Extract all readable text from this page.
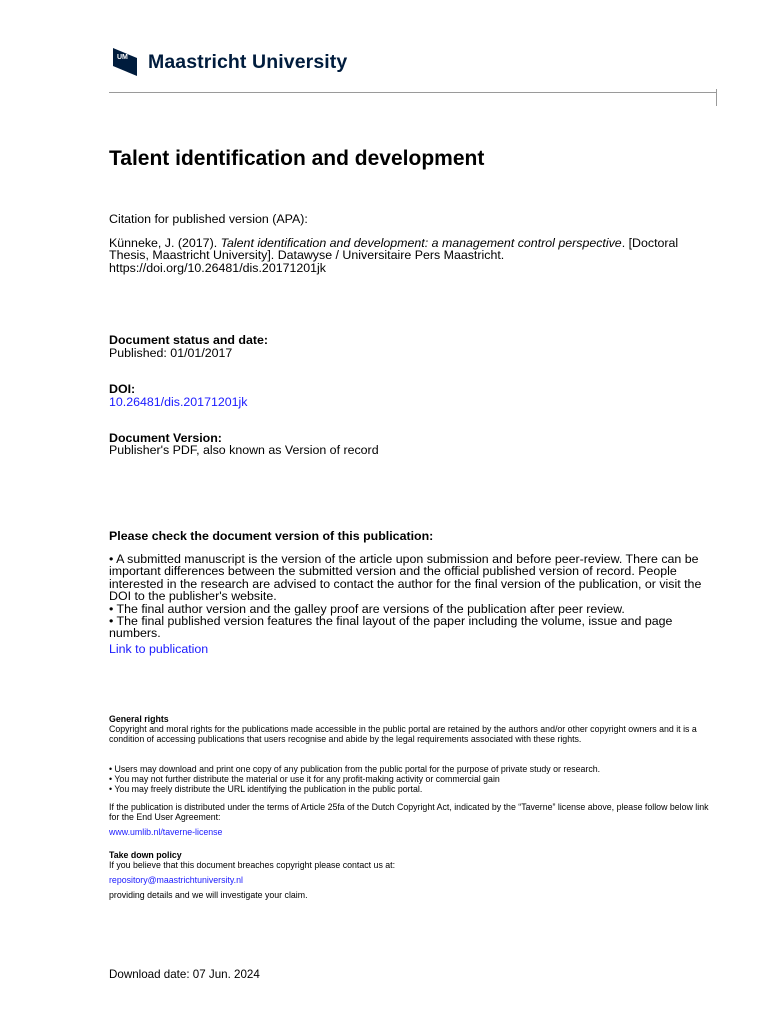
UM Maastricht University
Talent identification and development
Citation for published version (APA):
Künneke, J. (2017). Talent identification and development: a management control perspective. [Doctoral Thesis, Maastricht University]. Datawyse / Universitaire Pers Maastricht. https://doi.org/10.26481/dis.20171201jk
Document status and date:
Published: 01/01/2017
DOI:
10.26481/dis.20171201jk
Document Version:
Publisher's PDF, also known as Version of record
Please check the document version of this publication:
• A submitted manuscript is the version of the article upon submission and before peer-review. There can be important differences between the submitted version and the official published version of record. People interested in the research are advised to contact the author for the final version of the publication, or visit the DOI to the publisher's website.
• The final author version and the galley proof are versions of the publication after peer review.
• The final published version features the final layout of the paper including the volume, issue and page numbers.
Link to publication
General rights
Copyright and moral rights for the publications made accessible in the public portal are retained by the authors and/or other copyright owners and it is a condition of accessing publications that users recognise and abide by the legal requirements associated with these rights.
• Users may download and print one copy of any publication from the public portal for the purpose of private study or research.
• You may not further distribute the material or use it for any profit-making activity or commercial gain
• You may freely distribute the URL identifying the publication in the public portal.
If the publication is distributed under the terms of Article 25fa of the Dutch Copyright Act, indicated by the “Taverne” license above, please follow below link for the End User Agreement:
www.umlib.nl/taverne-license
Take down policy
If you believe that this document breaches copyright please contact us at:
repository@maastrichtuniversity.nl
providing details and we will investigate your claim.
Download date: 07 Jun. 2024
